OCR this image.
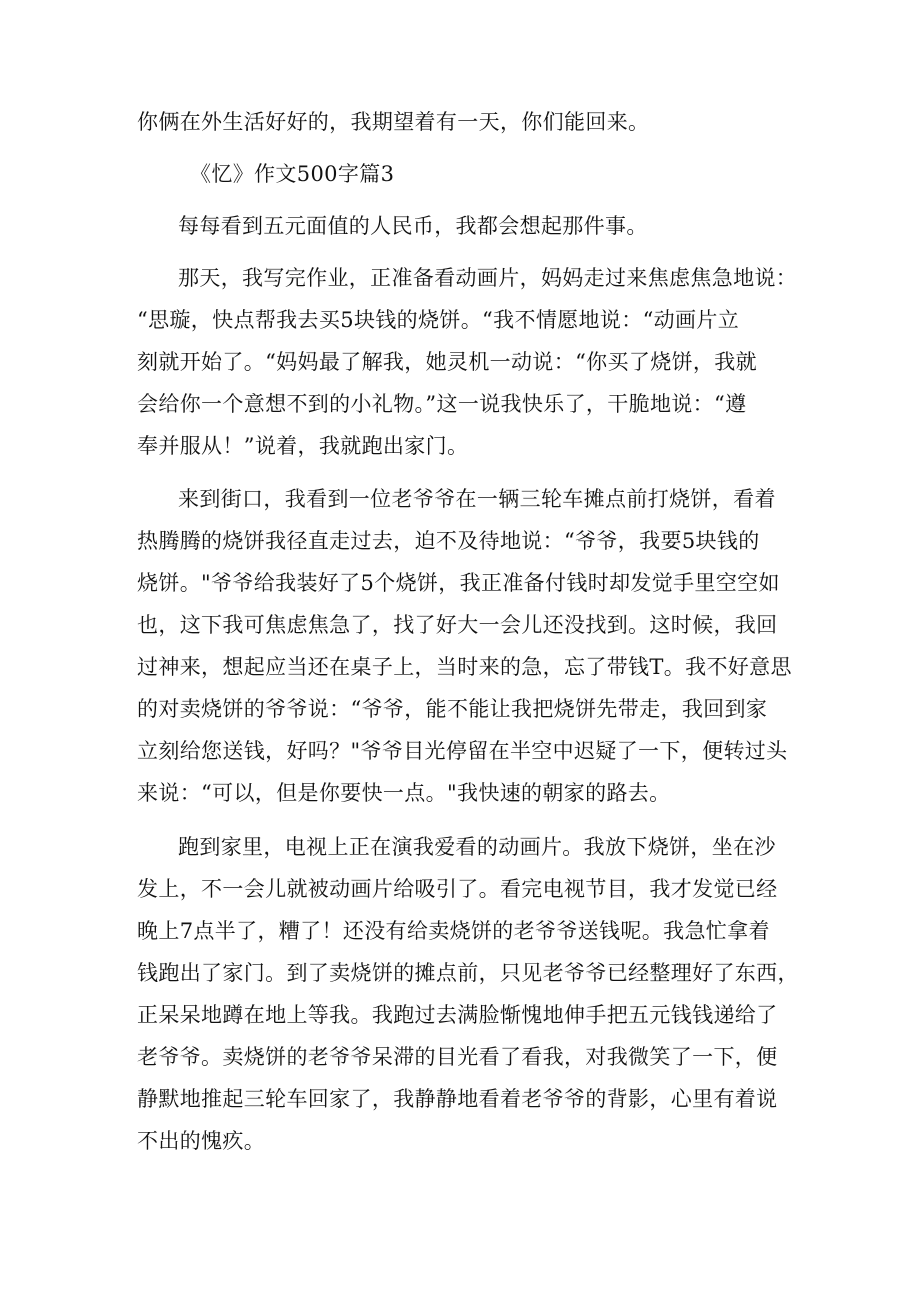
你俩在外生活好好的，我期望着有一天，你们能回来。
《忆》作文500字篇3
每每看到五元面值的人民币，我都会想起那件事。
那天，我写完作业，正准备看动画片，妈妈走过来焦虑焦急地说：
“思璇，快点帮我去买5块钱的烧饼。“我不情愿地说：“动画片立
刻就开始了。“妈妈最了解我，她灵机一动说：“你买了烧饼，我就
会给你一个意想不到的小礼物。”这一说我快乐了，干脆地说：“遵
奉并服从！”说着，我就跑出家门。
来到街口，我看到一位老爷爷在一辆三轮车摊点前打烧饼，看着
热腾腾的烧饼我径直走过去，迫不及待地说：“爷爷，我要5块钱的
烧饼。"爷爷给我装好了5个烧饼，我正准备付钱时却发觉手里空空如
也，这下我可焦虑焦急了，找了好大一会儿还没找到。这时候，我回
过神来，想起应当还在桌子上，当时来的急，忘了带钱T。我不好意思
的对卖烧饼的爷爷说：“爷爷，能不能让我把烧饼先带走，我回到家
立刻给您送钱，好吗？"爷爷目光停留在半空中迟疑了一下，便转过头
来说：“可以，但是你要快一点。"我快速的朝家的路去。
跑到家里，电视上正在演我爱看的动画片。我放下烧饼，坐在沙
发上，不一会儿就被动画片给吸引了。看完电视节目，我才发觉已经
晚上7点半了，糟了！还没有给卖烧饼的老爷爷送钱呢。我急忙拿着
钱跑出了家门。到了卖烧饼的摊点前，只见老爷爷已经整理好了东西，
正呆呆地蹲在地上等我。我跑过去满脸惭愧地伸手把五元钱钱递给了
老爷爷。卖烧饼的老爷爷呆滞的目光看了看我，对我微笑了一下，便
静默地推起三轮车回家了，我静静地看着老爷爷的背影，心里有着说
不出的愧疚。
